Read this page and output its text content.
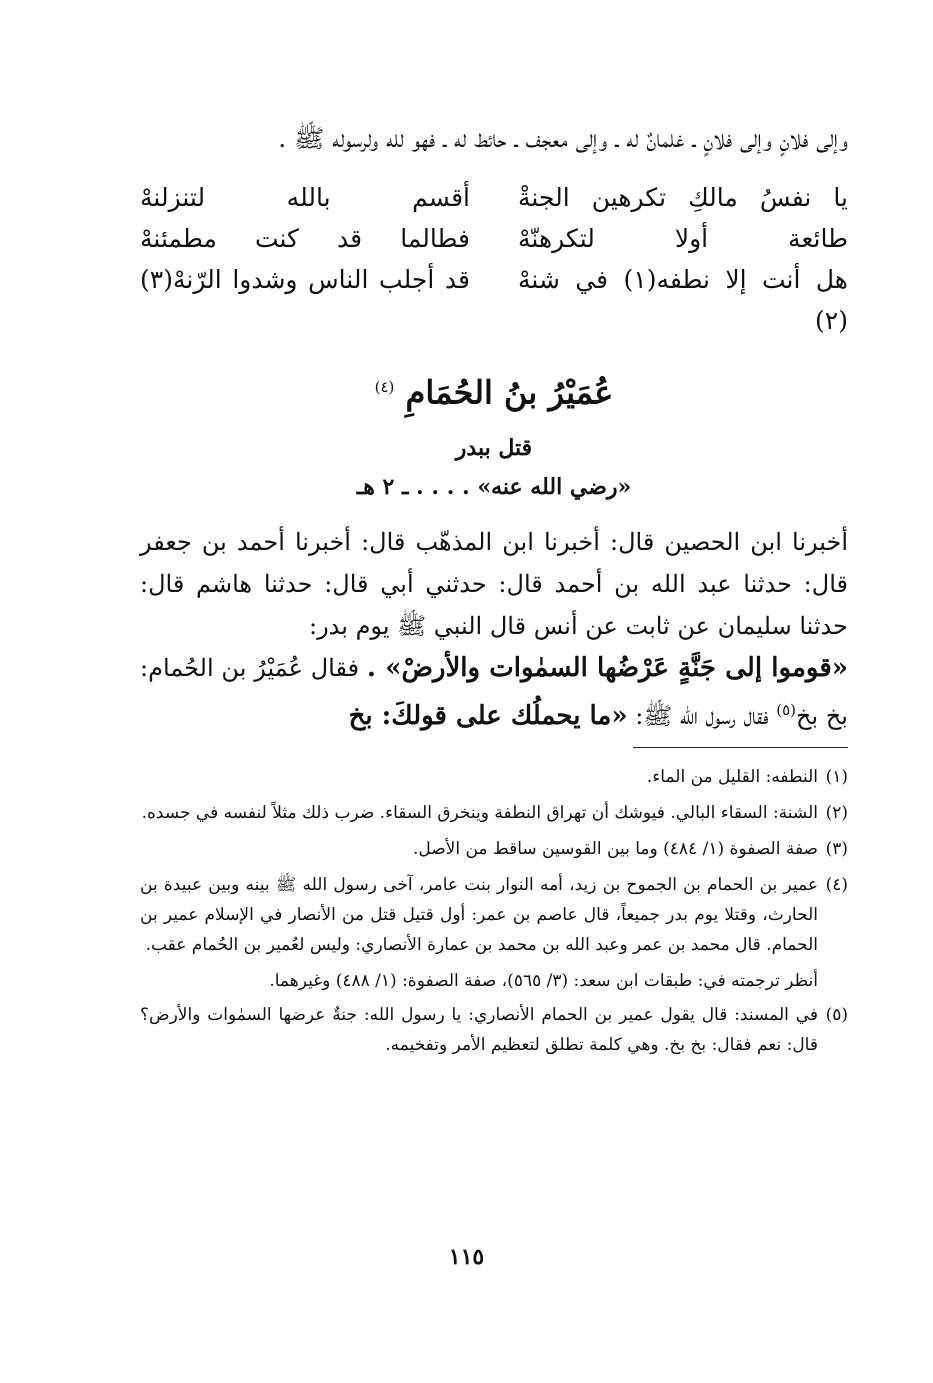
وإلى فلانٍ وإلى فلانٍ ـ غلمانٌ له ـ وإلى معجف ـ حائط له ـ فهو لله ولرسوله ﷺ .

يا نفسُ مالكِ تكرهين الجنةْ
أقسم بالله لتنزلنهْ
طائعة أولا لتكرهنّهْ
فطالما قد كنت مطمئنهْ
هل أنت إلا نطفه(١) في شنهْ (٢)
قد أجلب الناس وشدوا الرّنهْ(٣)
عُمَيْرُ بنُ الحُمَامِ $^{(٤)}$
قتل ببدر
«رضي الله عنه» . . . . ـ ٢ هـ

أخبرنا ابن الحصين قال: أخبرنا ابن المذهّب قال: أخبرنا أحمد بن جعفر قال: حدثنا عبد الله بن أحمد قال: حدثني أبي قال: حدثنا هاشم قال: حدثنا سليمان عن ثابت عن أنس قال النبي ﷺ يوم بدر:

«قوموا إلى جَنَّةٍ عَرْضُها السمٰوات والأرضْ» . فقال عُمَيْرُ بن الحُمام: بخ بخ$^{(٥)}$ فقال رسول الله ﷺ: «ما يحملُك على قولكَ: بخ

(١)النطفه: القليل من الماء.

(٢)الشنة: السقاء البالي. فيوشك أن تهراق النطفة وينخرق السقاء. ضرب ذلك مثلاً لنفسه في جسده.

(٣)صفة الصفوة (١/ ٤٨٤) وما بين القوسين ساقط من الأصل.

(٤)عمير بن الحمام بن الجموح بن زيد، أمه النوار بنت عامر، آخى رسول الله ﷺ بينه وبين عبيدة بن الحارث، وقتلا يوم بدر جميعاً، قال عاصم بن عمر: أول قتيل قتل من الأنصار في الإسلام عمير بن الحمام. قال محمد بن عمر وعبد الله بن محمد بن عمارة الأنصاري: وليس لعُمير بن الحُمام عقب.

أنظر ترجمته في: طبقات ابن سعد: (٣/ ٥٦٥)، صفة الصفوة: (١/ ٤٨٨) وغيرهما.

(٥)في المسند: قال يقول عمير بن الحمام الأنصاري: يا رسول الله: جنةٌ عرضها السمٰوات والأرض؟قال: نعم فقال: بخ بخ. وهي كلمة تطلق لتعظيم الأمر وتفخيمه.

١١٥
